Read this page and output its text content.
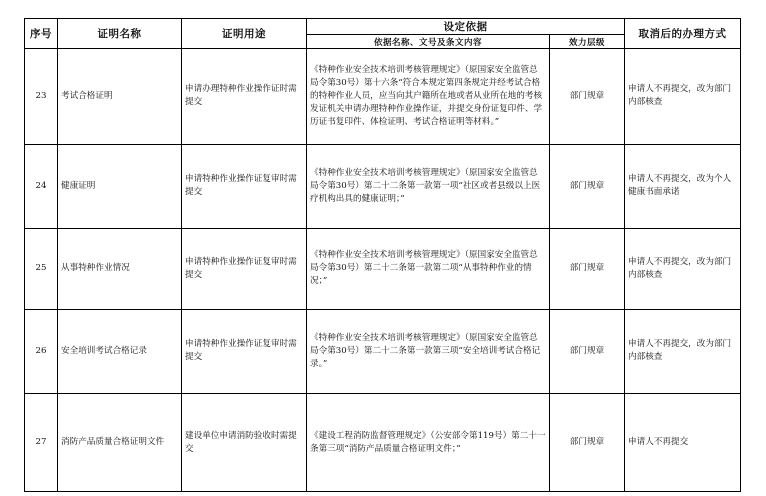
序号	证明名称	证明用途	设定依据		取消后的办理方式
			依据名称、文号及条文内容	效力层级	
23	考试合格证明	申请办理特种作业操作证时需提交	《特种作业安全技术培训考核管理规定》（原国家安全监管总局令第30号）第十六条“符合本规定第四条规定并经考试合格的特种作业人员，应当向其户籍所在地或者从业所在地的考核发证机关申请办理特种作业操作证，并提交身份证复印件、学历证书复印件、体检证明、考试合格证明等材料。”	部门规章	申请人不再提交，改为部门内部核查
24	健康证明	申请特种作业操作证复审时需提交	《特种作业安全技术培训考核管理规定》（原国家安全监管总局令第30号）第二十二条第一款第一项“社区或者县级以上医疗机构出具的健康证明；”	部门规章	申请人不再提交，改为个人健康书面承诺
25	从事特种作业情况	申请特种作业操作证复审时需提交	《特种作业安全技术培训考核管理规定》（原国家安全监管总局令第30号）第二十二条第一款第二项“从事特种作业的情况；”	部门规章	申请人不再提交，改为部门内部核查
26	安全培训考试合格记录	申请特种作业操作证复审时需提交	《特种作业安全技术培训考核管理规定》（原国家安全监管总局令第30号）第二十二条第一款第三项“安全培训考试合格记录。”	部门规章	申请人不再提交，改为部门内部核查
27	消防产品质量合格证明文件	建设单位申请消防验收时需提交	《建设工程消防监督管理规定》（公安部令第119号）第二十一条第三项“消防产品质量合格证明文件；”	部门规章	申请人不再提交
